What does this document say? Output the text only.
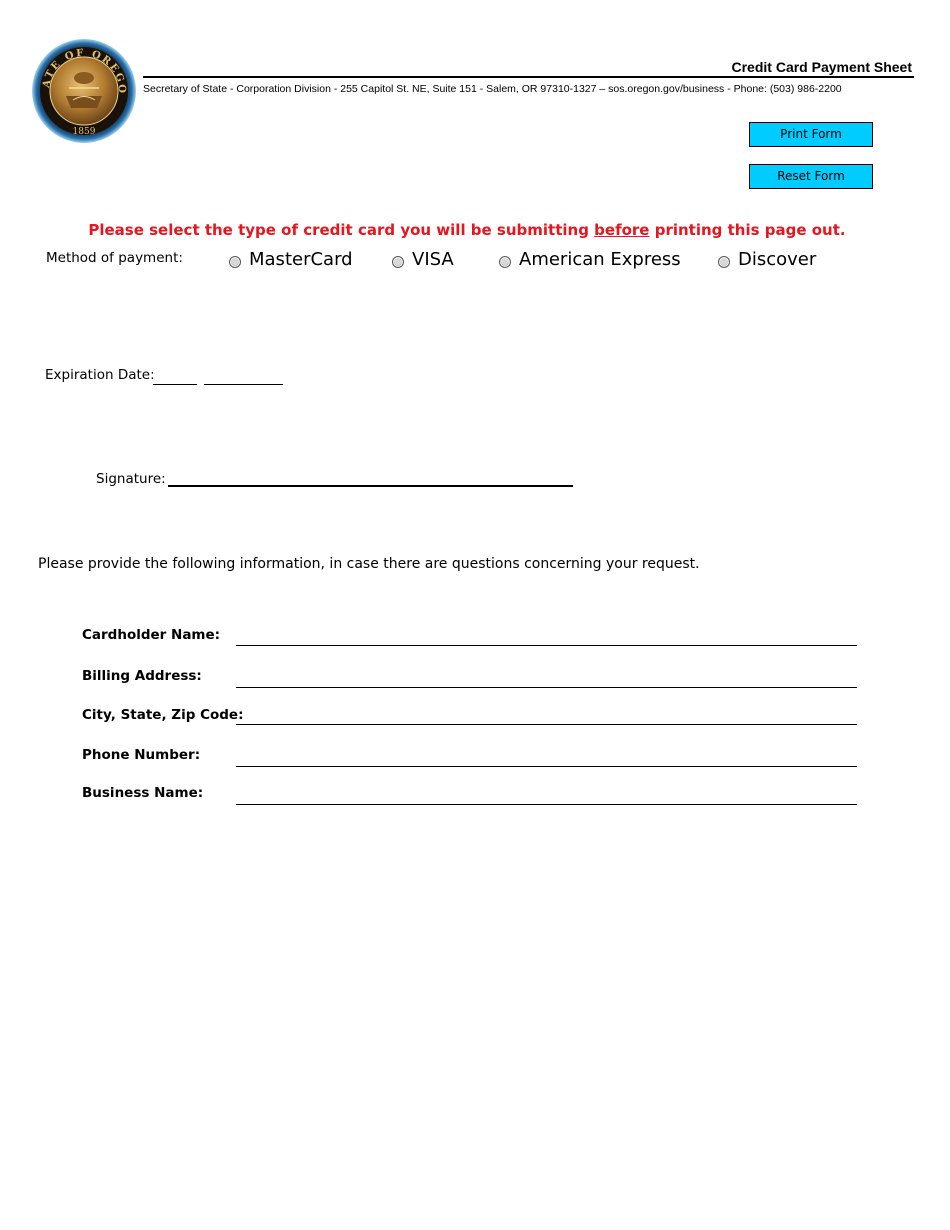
ATE OF OREGO
1859
Credit Card Payment Sheet
Secretary of State - Corporation Division - 255 Capitol St. NE, Suite 151 - Salem, OR 97310-1327 – sos.oregon.gov/business - Phone: (503) 986-2200
Print Form
Reset Form
Please select the type of credit card you will be submitting before printing this page out.
Method of payment:	MasterCard	VISA	American Express	Discover
Expiration Date:
Signature:
Please provide the following information, in case there are questions concerning your request.
Cardholder Name:
Billing Address:
City, State, Zip Code:
Phone Number:
Business Name:
